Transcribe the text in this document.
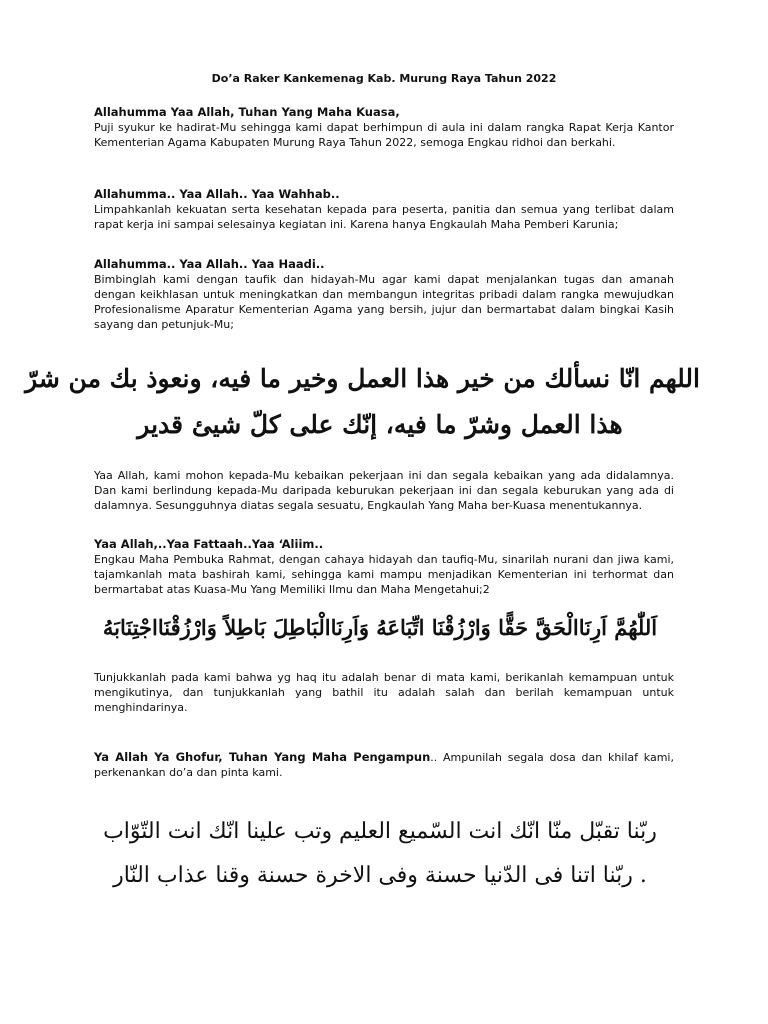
Do’a Raker Kankemenag Kab. Murung Raya Tahun 2022
Allahumma Yaa Allah, Tuhan Yang Maha Kuasa,
Puji syukur ke hadirat-Mu sehingga kami dapat berhimpun di aula ini dalam rangka Rapat Kerja Kantor Kementerian Agama Kabupaten Murung Raya Tahun 2022, semoga Engkau ridhoi dan berkahi.
Allahumma.. Yaa Allah.. Yaa Wahhab..
Limpahkanlah kekuatan serta kesehatan kepada para peserta, panitia dan semua yang terlibat dalam rapat kerja ini sampai selesainya kegiatan ini. Karena hanya Engkaulah Maha Pemberi Karunia;
Allahumma.. Yaa Allah.. Yaa Haadi..
Bimbinglah kami dengan taufik dan hidayah-Mu agar kami dapat menjalankan tugas dan amanah dengan keikhlasan untuk meningkatkan dan membangun integritas pribadi dalam rangka mewujudkan Profesionalisme Aparatur Kementerian Agama yang bersih, jujur dan bermartabat dalam bingkai Kasih sayang dan petunjuk-Mu;
اللهم انّا نسألك من خير هذا العمل وخير ما فيه، ونعوذ بك من شرّ
هذا العمل وشرّ ما فيه، إنّك على كلّ شيئ قدير
Yaa Allah, kami mohon kepada-Mu kebaikan pekerjaan ini dan segala kebaikan yang ada didalamnya. Dan kami berlindung kepada-Mu daripada keburukan pekerjaan ini dan segala keburukan yang ada di dalamnya. Sesungguhnya diatas segala sesuatu, Engkaulah Yang Maha ber-Kuasa menentukannya.
Yaa Allah,..Yaa Fattaah..Yaa ‘Aliim..
Engkau Maha Pembuka Rahmat, dengan cahaya hidayah dan taufiq-Mu, sinarilah nurani dan jiwa kami, tajamkanlah mata bashirah kami, sehingga kami mampu menjadikan Kementerian ini terhormat dan bermartabat atas Kuasa-Mu Yang Memiliki Ilmu dan Maha Mengetahui;2
اَللّٰهُمَّ اَرِنَاالْحَقَّ حَقًّا وَارْزُقْنَا اتِّبَاعَهُ وَاَرِنَاالْبَاطِلَ بَاطِلاً وَارْزُقْنَااجْتِنَابَهُ
Tunjukkanlah pada kami bahwa yg haq itu adalah benar di mata kami, berikanlah kemampuan untuk mengikutinya, dan tunjukkanlah yang bathil itu adalah salah dan berilah kemampuan untuk menghindarinya.
Ya Allah Ya Ghofur, Tuhan Yang Maha Pengampun.. Ampunilah segala dosa dan khilaf kami, perkenankan do’a dan pinta kami.
ربّنا تقبّل منّا انّك انت السّميع العليم وتب علينا انّك انت التّوّاب
. ربّنا اتنا فى الدّنيا حسنة وفى الاخرة حسنة وقنا عذاب النّار
